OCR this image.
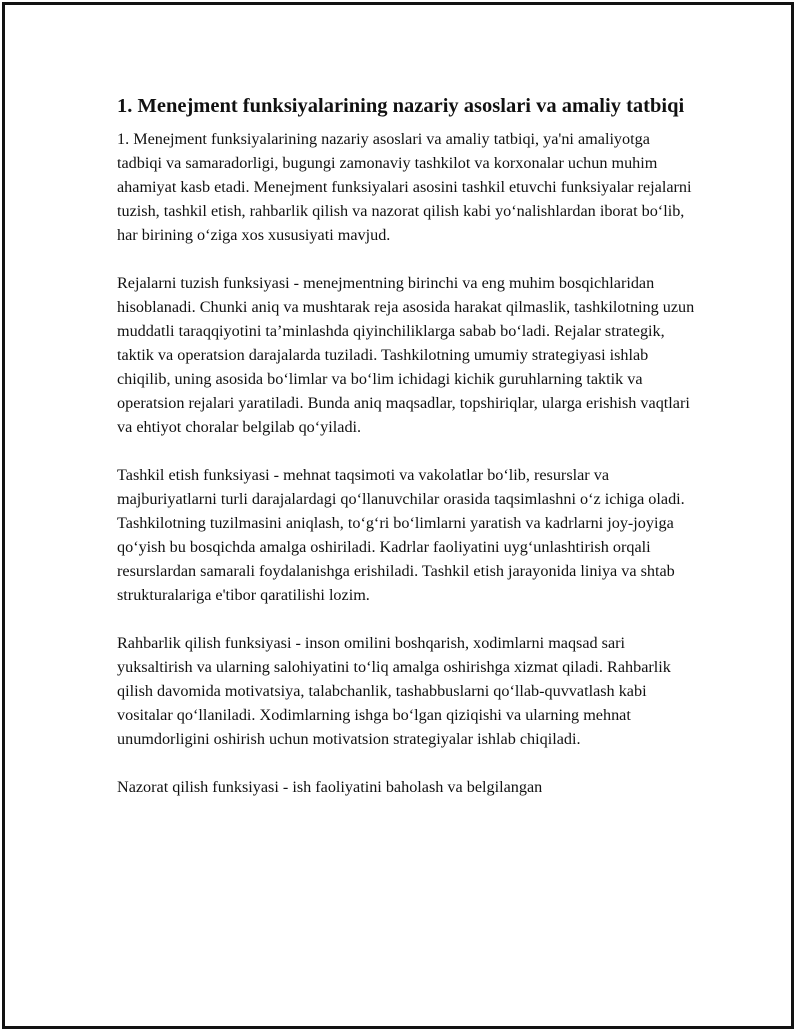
1. Menejment funksiyalarining nazariy asoslari va amaliy tatbiqi

1. Menejment funksiyalarining nazariy asoslari va amaliy tatbiqi, ya'ni amaliyotga tadbiqi va samaradorligi, bugungi zamonaviy tashkilot va korxonalar uchun muhim ahamiyat kasb etadi. Menejment funksiyalari asosini tashkil etuvchi funksiyalar rejalarni tuzish, tashkil etish, rahbarlik qilish va nazorat qilish kabi yo‘nalishlardan iborat bo‘lib, har birining o‘ziga xos xususiyati mavjud.

Rejalarni tuzish funksiyasi - menejmentning birinchi va eng muhim bosqichlaridan hisoblanadi. Chunki aniq va mushtarak reja asosida harakat qilmaslik, tashkilotning uzun muddatli taraqqiyotini ta’minlashda qiyinchiliklarga sabab bo‘ladi. Rejalar strategik, taktik va operatsion darajalarda tuziladi. Tashkilotning umumiy strategiyasi ishlab chiqilib, uning asosida bo‘limlar va bo‘lim ichidagi kichik guruhlarning taktik va operatsion rejalari yaratiladi. Bunda aniq maqsadlar, topshiriqlar, ularga erishish vaqtlari va ehtiyot choralar belgilab qo‘yiladi.

Tashkil etish funksiyasi - mehnat taqsimoti va vakolatlar bo‘lib, resurslar va majburiyatlarni turli darajalardagi qo‘llanuvchilar orasida taqsimlashni o‘z ichiga oladi. Tashkilotning tuzilmasini aniqlash, to‘g‘ri bo‘limlarni yaratish va kadrlarni joy-joyiga qo‘yish bu bosqichda amalga oshiriladi. Kadrlar faoliyatini uyg‘unlashtirish orqali resurslardan samarali foydalanishga erishiladi. Tashkil etish jarayonida liniya va shtab strukturalariga e'tibor qaratilishi lozim.

Rahbarlik qilish funksiyasi - inson omilini boshqarish, xodimlarni maqsad sari yuksaltirish va ularning salohiyatini to‘liq amalga oshirishga xizmat qiladi. Rahbarlik qilish davomida motivatsiya, talabchanlik, tashabbuslarni qo‘llab-quvvatlash kabi vositalar qo‘llaniladi. Xodimlarning ishga bo‘lgan qiziqishi va ularning mehnat unumdorligini oshirish uchun motivatsion strategiyalar ishlab chiqiladi.

Nazorat qilish funksiyasi - ish faoliyatini baholash va belgilangan
